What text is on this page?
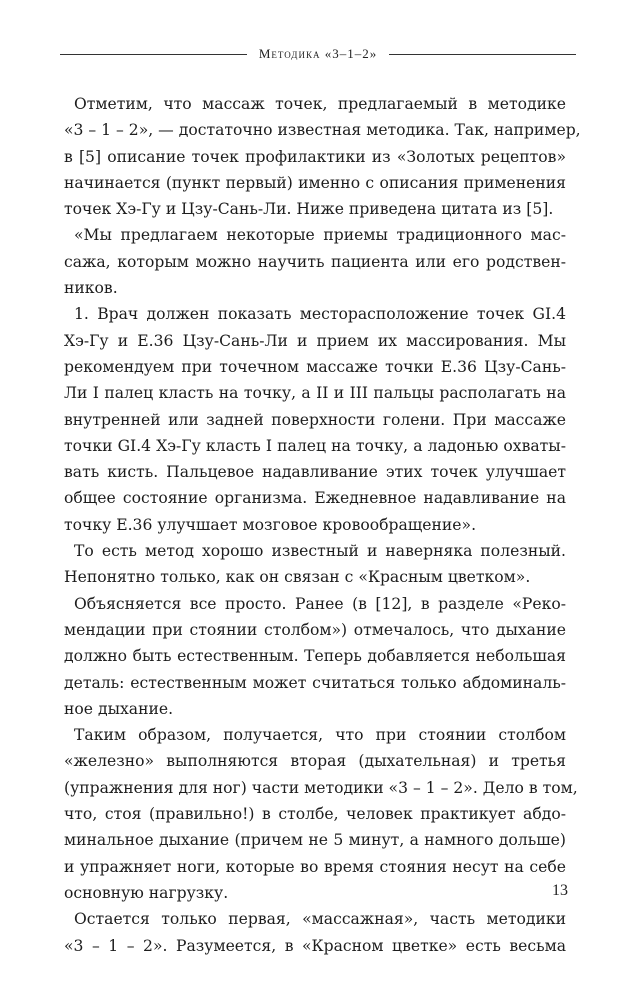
Методика «3–1–2»
Отметим, что массаж точек, предлагаемый в методике
«3 – 1 – 2», — достаточно известная методика. Так, например,
в [5] описание точек профилактики из «Золотых рецептов»
начинается (пункт первый) именно с описания применения
точек Хэ-Гу и Цзу-Сань-Ли. Ниже приведена цитата из [5].
«Мы предлагаем некоторые приемы традиционного мас-
сажа, которым можно научить пациента или его родствен-
ников.
1. Врач должен показать месторасположение точек GI.4
Хэ-Гу и E.36 Цзу-Сань-Ли и прием их массирования. Мы
рекомендуем при точечном массаже точки E.36 Цзу-Сань-
Ли I палец класть на точку, а II и III пальцы располагать на
внутренней или задней поверхности голени. При массаже
точки GI.4 Хэ-Гу класть I палец на точку, а ладонью охваты-
вать кисть. Пальцевое надавливание этих точек улучшает
общее состояние организма. Ежедневное надавливание на
точку E.36 улучшает мозговое кровообращение».
То есть метод хорошо известный и наверняка полезный.
Непонятно только, как он связан с «Красным цветком».
Объясняется все просто. Ранее (в [12], в разделе «Реко-
мендации при стоянии столбом») отмечалось, что дыхание
должно быть естественным. Теперь добавляется небольшая
деталь: естественным может считаться только абдоминаль-
ное дыхание.
Таким образом, получается, что при стоянии столбом
«железно» выполняются вторая (дыхательная) и третья
(упражнения для ног) части методики «3 – 1 – 2». Дело в том,
что, стоя (правильно!) в столбе, человек практикует абдо-
минальное дыхание (причем не 5 минут, а намного дольше)
и упражняет ноги, которые во время стояния несут на себе
основную нагрузку.
Остается только первая, «массажная», часть методики
«3 – 1 – 2». Разумеется, в «Красном цветке» есть весьма
13
